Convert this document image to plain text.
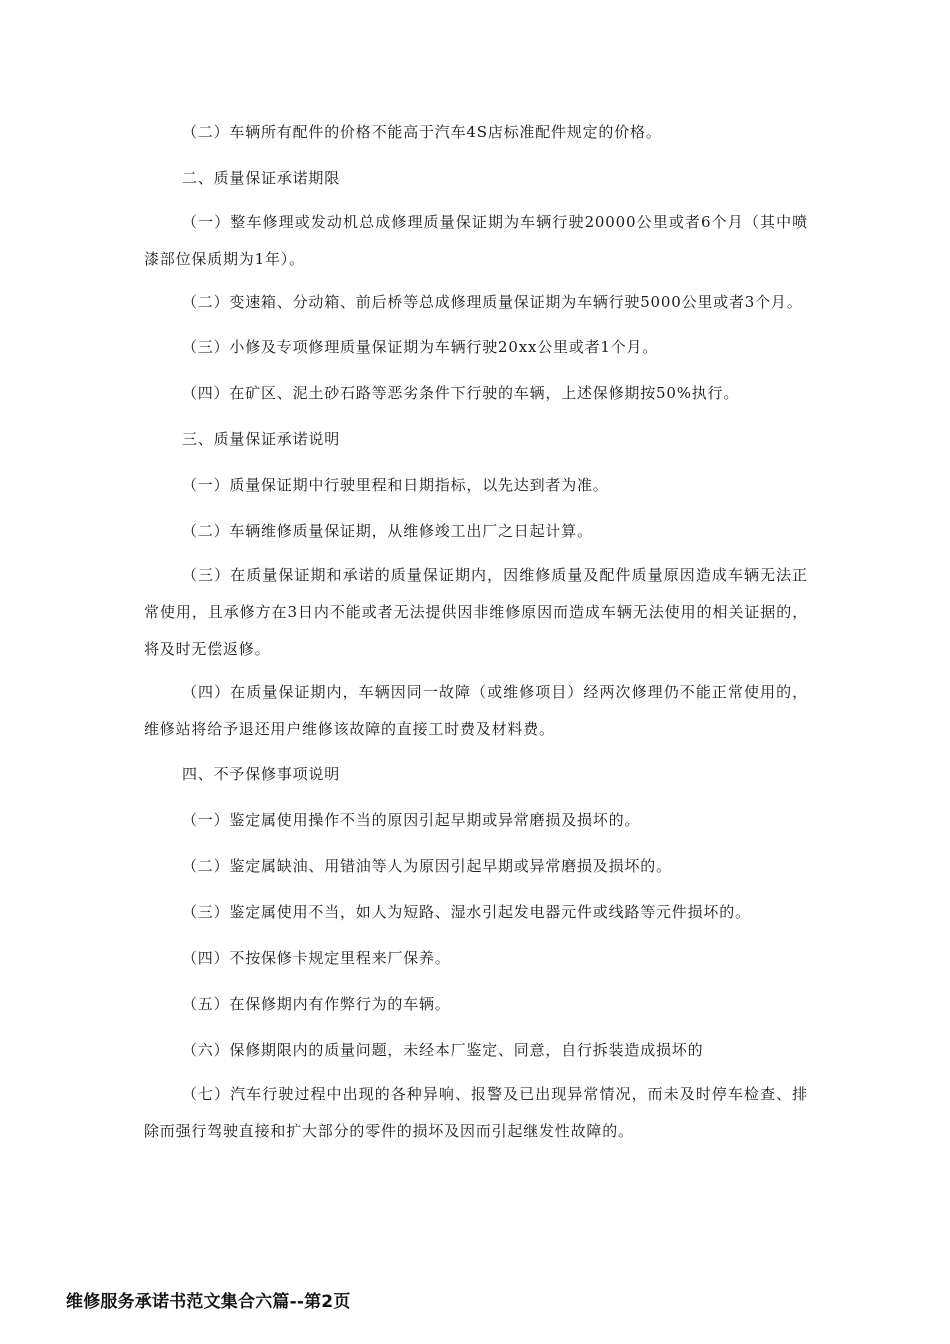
（二）车辆所有配件的价格不能高于汽车4S店标准配件规定的价格。

二、质量保证承诺期限

（一）整车修理或发动机总成修理质量保证期为车辆行驶20000公里或者6个月（其中喷漆部位保质期为1年）。

（二）变速箱、分动箱、前后桥等总成修理质量保证期为车辆行驶5000公里或者3个月。

（三）小修及专项修理质量保证期为车辆行驶20xx公里或者1个月。

（四）在矿区、泥土砂石路等恶劣条件下行驶的车辆，上述保修期按50%执行。

三、质量保证承诺说明

（一）质量保证期中行驶里程和日期指标，以先达到者为准。

（二）车辆维修质量保证期，从维修竣工出厂之日起计算。

（三）在质量保证期和承诺的质量保证期内，因维修质量及配件质量原因造成车辆无法正常使用，且承修方在3日内不能或者无法提供因非维修原因而造成车辆无法使用的相关证据的，将及时无偿返修。

（四）在质量保证期内，车辆因同一故障（或维修项目）经两次修理仍不能正常使用的，维修站将给予退还用户维修该故障的直接工时费及材料费。

四、不予保修事项说明

（一）鉴定属使用操作不当的原因引起早期或异常磨损及损坏的。

（二）鉴定属缺油、用错油等人为原因引起早期或异常磨损及损坏的。

（三）鉴定属使用不当，如人为短路、湿水引起发电器元件或线路等元件损坏的。

（四）不按保修卡规定里程来厂保养。

（五）在保修期内有作弊行为的车辆。

（六）保修期限内的质量问题，未经本厂鉴定、同意，自行拆装造成损坏的

（七）汽车行驶过程中出现的各种异响、报警及已出现异常情况，而未及时停车检查、排除而强行驾驶直接和扩大部分的零件的损坏及因而引起继发性故障的。

维修服务承诺书范文集合六篇--第2页
